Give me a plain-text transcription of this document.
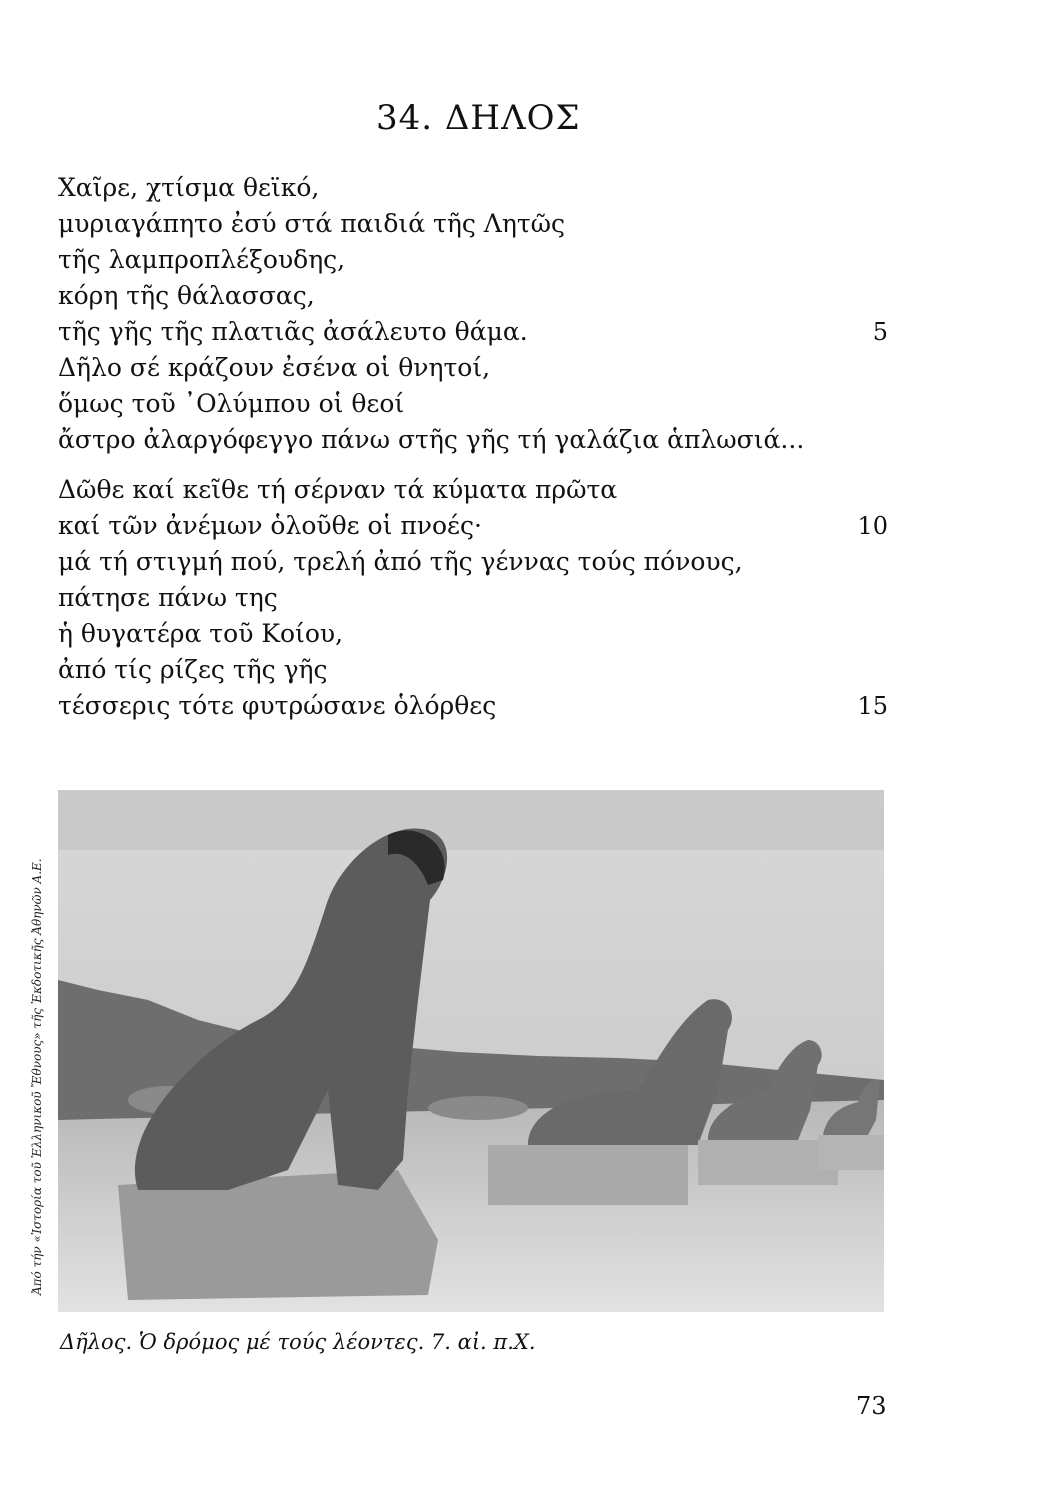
34. ΔΗΛΟΣ
Χαῖρε, χτίσμα θεϊκό,
μυριαγάπητο ἐσύ στά παιδιά τῆς Λητῶς
τῆς λαμπροπλέξουδης,
κόρη τῆς θάλασσας,
τῆς γῆς τῆς πλατιᾶς ἀσάλευτο θάμα.	5
Δῆλο σέ κράζουν ἐσένα οἱ θνητοί,
ὅμως τοῦ ᾿Ολύμπου οἱ θεοί
ἄστρο ἀλαργόφεγγο πάνω στῆς γῆς τή γαλάζια ἁπλωσιά...
Δῶθε καί κεῖθε τή σέρναν τά κύματα πρῶτα
καί τῶν ἀνέμων ὁλοῦθε οἱ πνοές·	10
μά τή στιγμή πού, τρελή ἀπό τῆς γέννας τούς πόνους,
πάτησε πάνω της
ἡ θυγατέρα τοῦ Κοίου,
ἀπό τίς ρίζες τῆς γῆς
τέσσερις τότε φυτρώσανε ὁλόρθες	15
Δῆλος. Ὁ δρόμος μέ τούς λέοντες. 7. αἰ. π.Χ.
Ἀπό τήν «Ἱστορία τοῦ Ἑλληνικοῦ Ἔθνους» τῆς Ἐκδοτικῆς Ἀθηνῶν Α.Ε.
73
